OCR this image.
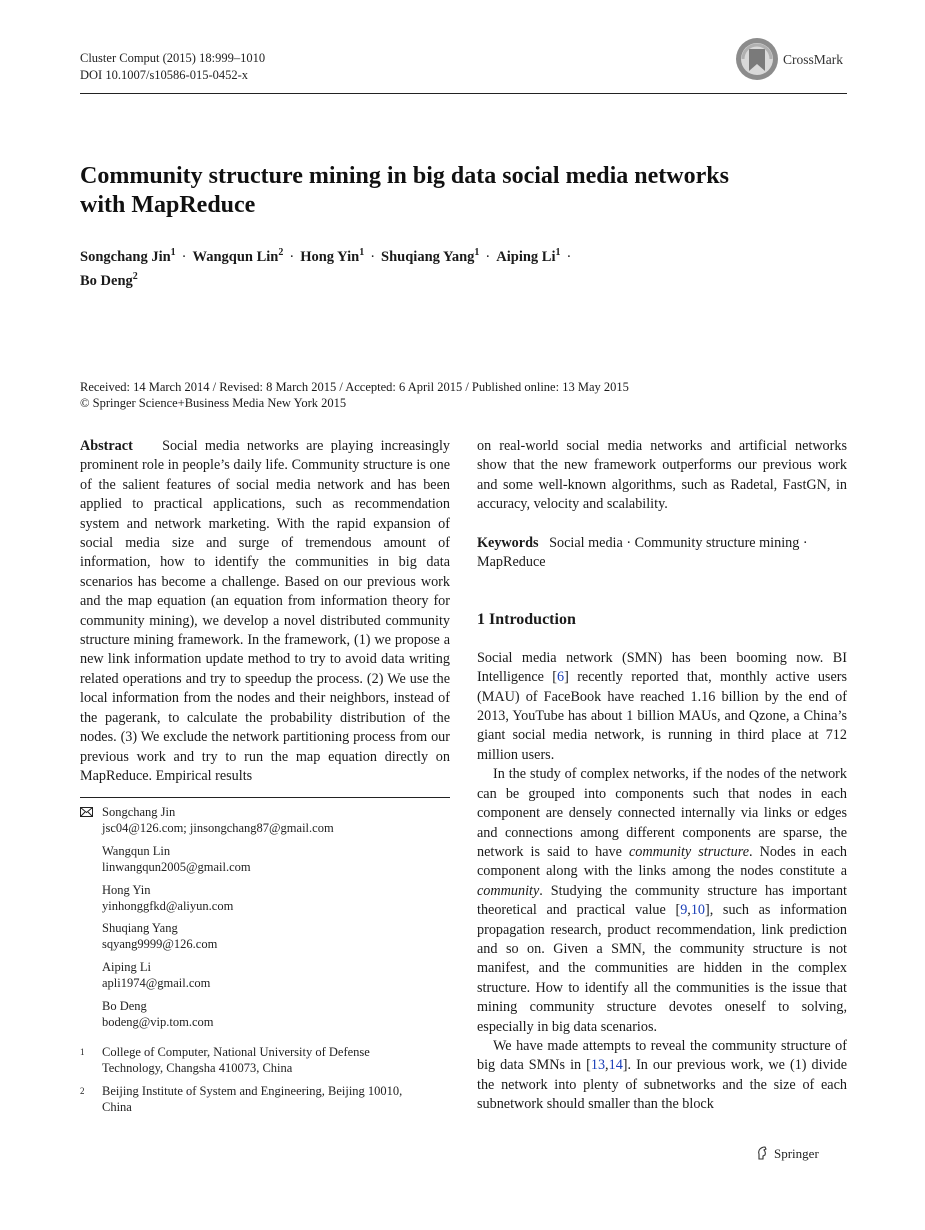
Cluster Comput (2015) 18:999–1010
DOI 10.1007/s10586-015-0452-x
CrossMark
Community structure mining in big data social media networks
with MapReduce
Songchang Jin$^1$ · Wangqun Lin$^2$ · Hong Yin$^1$ · Shuqiang Yang$^1$ · Aiping $Li^1$ ·
Bo Deng$^2$
Received: 14 March 2014 / Revised: 8 March 2015 / Accepted: 6 April 2015 / Published online: 13 May 2015
© Springer Science+Business Media New York 2015

Abstract Social media networks are playing increasingly prominent role in people’s daily life. Community structure is one of the salient features of social media network and has been applied to practical applications, such as recommendation system and network marketing. With the rapid expansion of social media size and surge of tremendous amount of information, how to identify the communities in big data scenarios has become a challenge. Based on our previous work and the map equation (an equation from information theory for community mining), we develop a novel distributed community structure mining framework. In the framework, (1) we propose a new link information update method to try to avoid data writing related operations and try to speedup the process. (2) We use the local information from the nodes and their neighbors, instead of the pagerank, to calculate the probability distribution of the nodes. (3) We exclude the network partitioning process from our previous work and try to run the map equation directly on MapReduce. Empirical results

Songchang Jin
jsc04@126.com; jinsongchang87@gmail.com
Wangqun Lin
linwangqun2005@gmail.com
Hong Yin
yinhonggfkd@aliyun.com
Shuqiang Yang
sqyang9999@126.com
Aiping Li
apli1974@gmail.com
Bo Deng
bodeng@vip.tom.com
1 College of Computer, National University of Defense
Technology, Changsha 410073, China
2 Beijing Institute of System and Engineering, Beijing 10010,
China

on real-world social media networks and artificial networks show that the new framework outperforms our previous work and some well-known algorithms, such as Radetal, FastGN, in accuracy, velocity and scalability.

Keywords Social media · Community structure mining · MapReduce

1 Introduction

Social media network (SMN) has been booming now. BI Intelligence [6] recently reported that, monthly active users (MAU) of FaceBook have reached 1.16 billion by the end of 2013, YouTube has about 1 billion MAUs, and Qzone, a China’s giant social media network, is running in third place at 712 million users.

In the study of complex networks, if the nodes of the network can be grouped into components such that nodes in each component are densely connected internally via links or edges and connections among different components are sparse, the network is said to have community structure. Nodes in each component along with the links among the nodes constitute a community. Studying the community structure has important theoretical and practical value [9,10], such as information propagation research, product recommendation, link prediction and so on. Given a SMN, the community structure is not manifest, and the communities are hidden in the complex structure. How to identify all the communities is the issue that mining community structure devotes oneself to solving, especially in big data scenarios.

We have made attempts to reveal the community structure of big data SMNs in [13,14]. In our previous work, we (1) divide the network into plenty of subnetworks and the size of each subnetwork should smaller than the block

Springer
